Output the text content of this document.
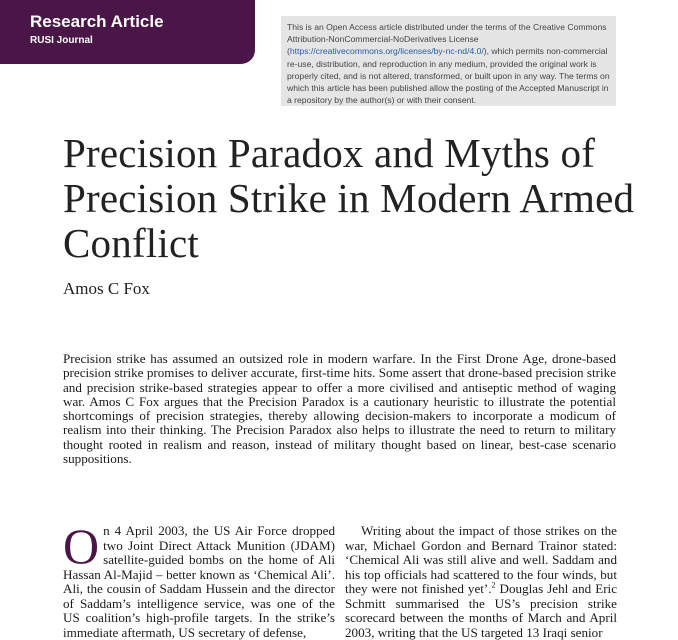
Research Article
RUSI Journal
This is an Open Access article distributed under the terms of the Creative Commons Attribution-NonCommercial-NoDerivatives License (https://creativecommons.org/licenses/by-nc-nd/4.0/), which permits non-commercial re-use, distribution, and reproduction in any medium, provided the original work is properly cited, and is not altered, transformed, or built upon in any way. The terms on which this article has been published allow the posting of the Accepted Manuscript in a repository by the author(s) or with their consent.
Precision Paradox and Myths of Precision Strike in Modern Armed Conflict
Amos C Fox

Precision strike has assumed an outsized role in modern warfare. In the First Drone Age, drone-based precision strike promises to deliver accurate, first-time hits. Some assert that drone-based precision strike and precision strike-based strategies appear to offer a more civilised and antiseptic method of waging war. Amos C Fox argues that the Precision Paradox is a cautionary heuristic to illustrate the potential shortcomings of precision strategies, thereby allowing decision-makers to incorporate a modicum of realism into their thinking. The Precision Paradox also helps to illustrate the need to return to military thought rooted in realism and reason, instead of military thought based on linear, best-case scenario suppositions.

On 4 April 2003, the US Air Force dropped two Joint Direct Attack Munition (JDAM) satellite-guided bombs on the home of Ali Hassan Al-Majid – better known as ‘Chemical Ali’. Ali, the cousin of Saddam Hussein and the director of Saddam’s intelligence service, was one of the US coalition’s high-profile targets. In the strike’s immediate aftermath, US secretary of defense,

Writing about the impact of those strikes on the war, Michael Gordon and Bernard Trainor stated: ‘Chemical Ali was still alive and well. Saddam and his top officials had scattered to the four winds, but they were not finished yet’.$^2$ Douglas Jehl and Eric Schmitt summarised the US’s precision strike scorecard between the months of March and April 2003, writing that the US targeted 13 Iraqi senior
